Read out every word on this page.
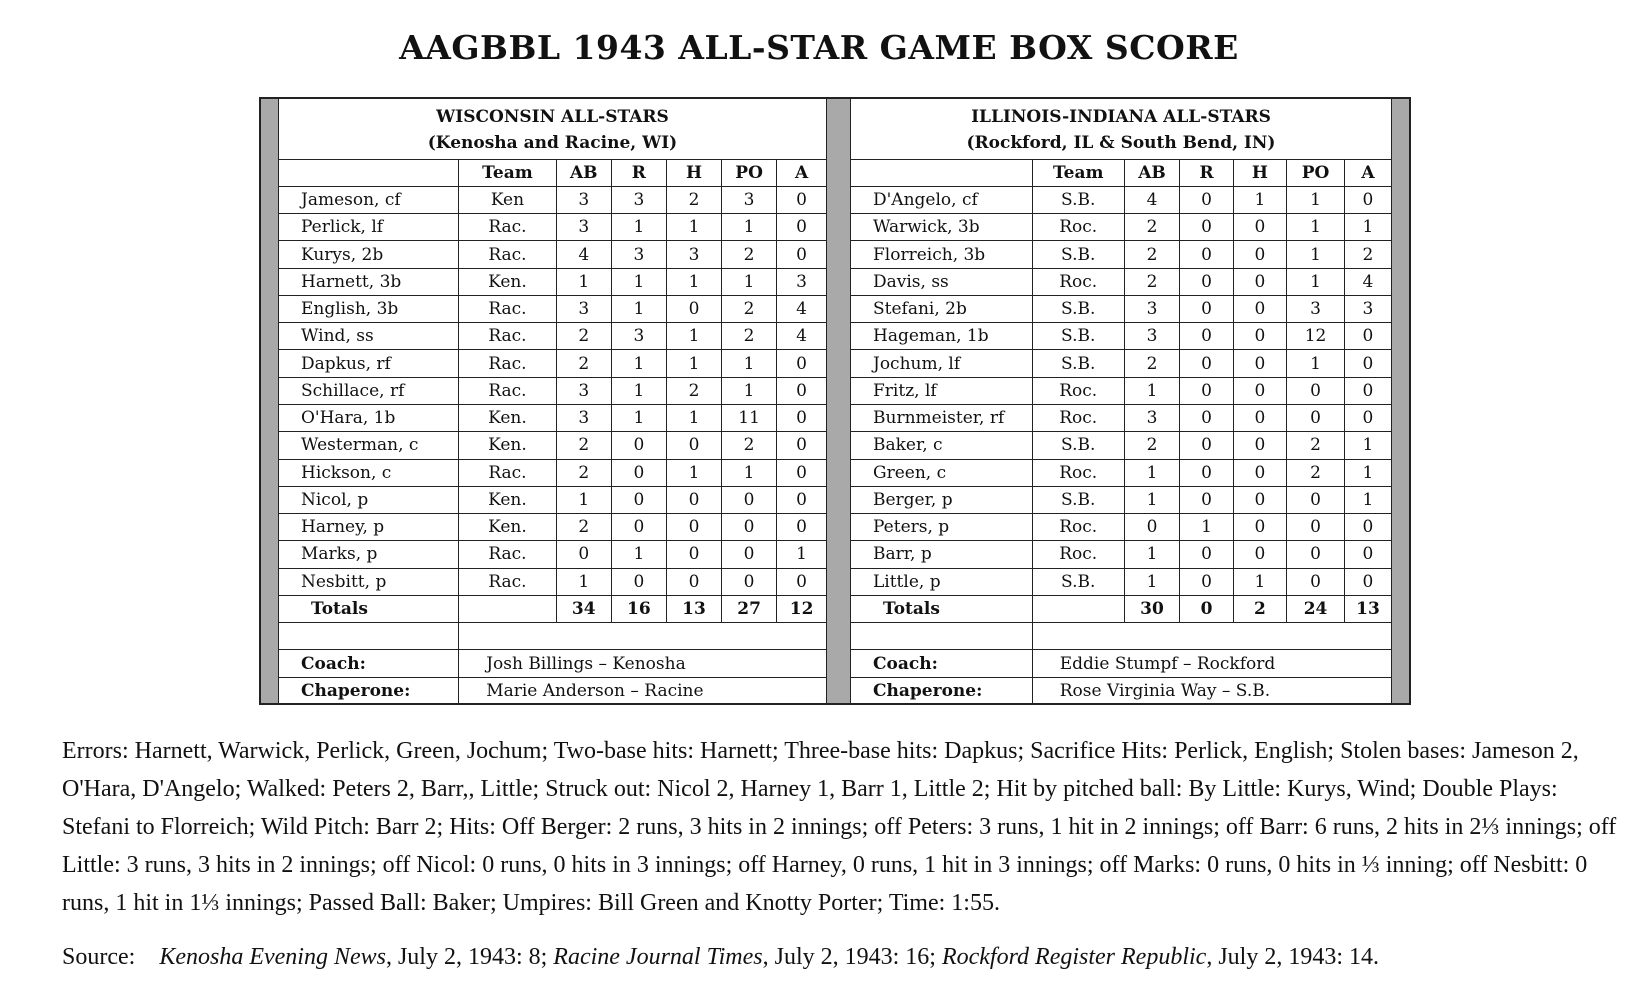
AAGBBL 1943 ALL-STAR GAME BOX SCORE
WISCONSIN ALL-STARS
(Kenosha and Racine, WI)						

	Team	AB	R	H	PO	A
Jameson, cf	Ken	3	3	2	3	0
Perlick, lf	Rac.	3	1	1	1	0
Kurys, 2b	Rac.	4	3	3	2	0
Harnett, 3b	Ken.	1	1	1	1	3
English, 3b	Rac.	3	1	0	2	4
Wind, ss	Rac.	2	3	1	2	4
Dapkus, rf	Rac.	2	1	1	1	0
Schillace, rf	Rac.	3	1	2	1	0
O'Hara, 1b	Ken.	3	1	1	11	0
Westerman, c	Ken.	2	0	0	2	0
Hickson, c	Rac.	2	0	1	1	0
Nicol, p	Ken.	1	0	0	0	0
Harney, p	Ken.	2	0	0	0	0
Marks, p	Rac.	0	1	0	0	1
Nesbitt, p	Rac.	1	0	0	0	0
Totals		34	16	13	27	12

Coach:	Josh Billings – Kenosha					
Chaperone:	Marie Anderson – Racine					
ILLINOIS-INDIANA ALL-STARS
(Rockford, IL & South Bend, IN)						

	Team	AB	R	H	PO	A
D'Angelo, cf	S.B.	4	0	1	1	0
Warwick, 3b	Roc.	2	0	0	1	1
Florreich, 3b	S.B.	2	0	0	1	2
Davis, ss	Roc.	2	0	0	1	4
Stefani, 2b	S.B.	3	0	0	3	3
Hageman, 1b	S.B.	3	0	0	12	0
Jochum, lf	S.B.	2	0	0	1	0
Fritz, lf	Roc.	1	0	0	0	0
Burnmeister, rf	Roc.	3	0	0	0	0
Baker, c	S.B.	2	0	0	2	1
Green, c	Roc.	1	0	0	2	1
Berger, p	S.B.	1	0	0	0	1
Peters, p	Roc.	0	1	0	0	0
Barr, p	Roc.	1	0	0	0	0
Little, p	S.B.	1	0	1	0	0
Totals		30	0	2	24	13

Coach:	Eddie Stumpf – Rockford					
Chaperone:	Rose Virginia Way – S.B.					
Errors: Harnett, Warwick, Perlick, Green, Jochum; Two-base hits: Harnett; Three-base hits: Dapkus; Sacrifice Hits: Perlick, English; Stolen bases: Jameson 2, O'Hara, D'Angelo; Walked: Peters 2, Barr,, Little; Struck out: Nicol 2, Harney 1, Barr 1, Little 2; Hit by pitched ball: By Little: Kurys, Wind; Double Plays: Stefani to Florreich; Wild Pitch: Barr 2; Hits: Off Berger: 2 runs, 3 hits in 2 innings; off Peters: 3 runs, 1 hit in 2 innings; off Barr: 6 runs, 2 hits in 2⅓ innings; off Little: 3 runs, 3 hits in 2 innings; off Nicol: 0 runs, 0 hits in 3 innings; off Harney, 0 runs, 1 hit in 3 innings; off Marks: 0 runs, 0 hits in ⅓ inning; off Nesbitt: 0 runs, 1 hit in 1⅓ innings; Passed Ball: Baker; Umpires: Bill Green and Knotty Porter; Time: 1:55.
Source: Kenosha Evening News, July 2, 1943: 8; Racine Journal Times, July 2, 1943: 16; Rockford Register Republic, July 2, 1943: 14.
